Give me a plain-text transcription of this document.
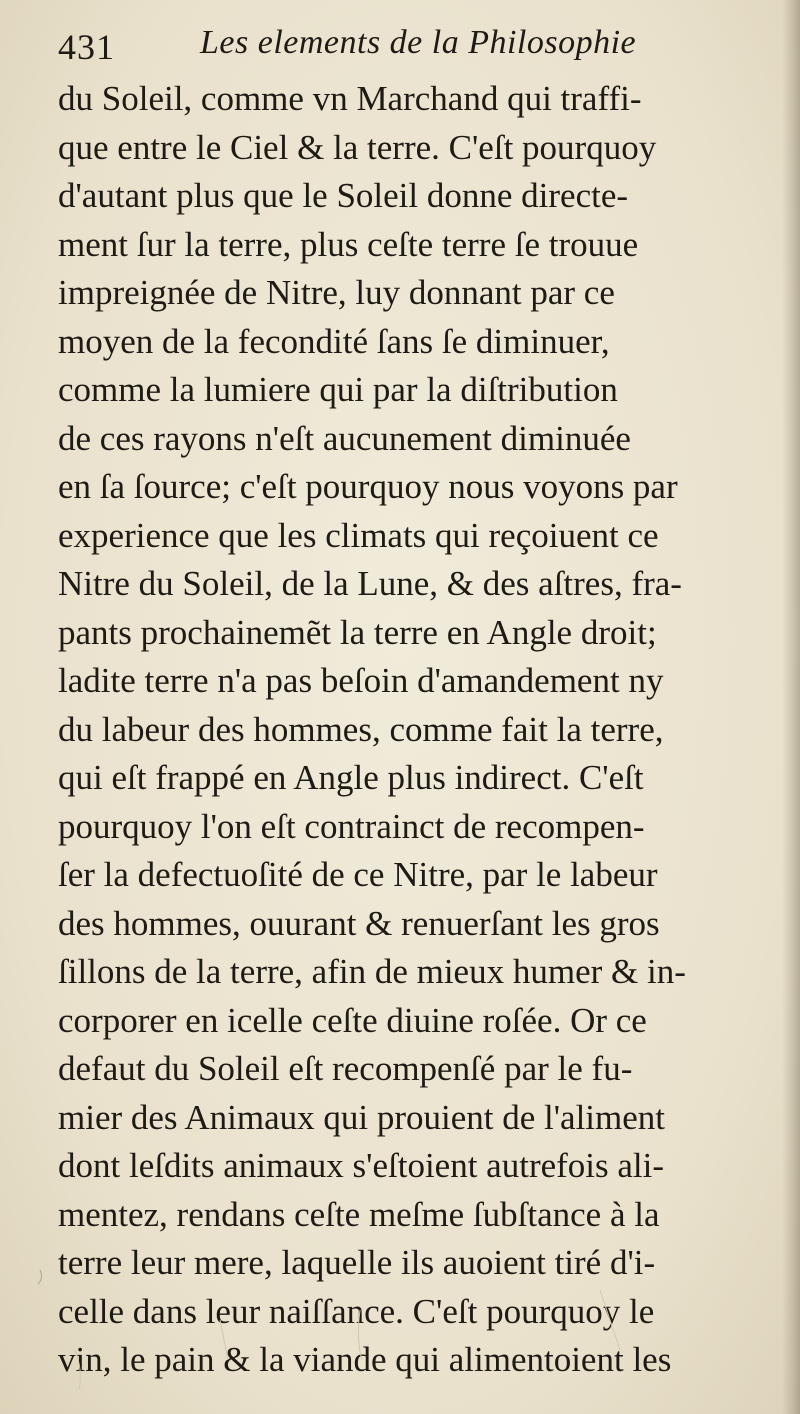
431	Les elements de la Philosophie
du Soleil, comme vn Marchand qui traffi-
que entre le Ciel & la terre. C'eſt pourquoy
d'autant plus que le Soleil donne directe-
ment ſur la terre, plus ceſte terre ſe trouue
impreignée de Nitre, luy donnant par ce
moyen de la fecondité ſans ſe diminuer,
comme la lumiere qui par la diſtribution
de ces rayons n'eſt aucunement diminuée
en ſa ſource; c'eſt pourquoy nous voyons par
experience que les climats qui reçoiuent ce
Nitre du Soleil, de la Lune, & des aſtres, fra-
pants prochainemẽt la terre en Angle droit;
ladite terre n'a pas beſoin d'amandement ny
du labeur des hommes, comme fait la terre,
qui eſt frappé en Angle plus indirect. C'eſt
pourquoy l'on eſt contrainct de recompen-
ſer la defectuoſité de ce Nitre, par le labeur
des hommes, ouurant & renuerſant les gros
ſillons de la terre, afin de mieux humer & in-
corporer en icelle ceſte diuine roſée. Or ce
defaut du Soleil eſt recompenſé par le fu-
mier des Animaux qui prouient de l'aliment
dont leſdits animaux s'eſtoient autrefois ali-
mentez, rendans ceſte meſme ſubſtance à la
terre leur mere, laquelle ils auoient tiré d'i-
celle dans leur naiſſance. C'eſt pourquoy le
vin, le pain & la viande qui alimentoient les
